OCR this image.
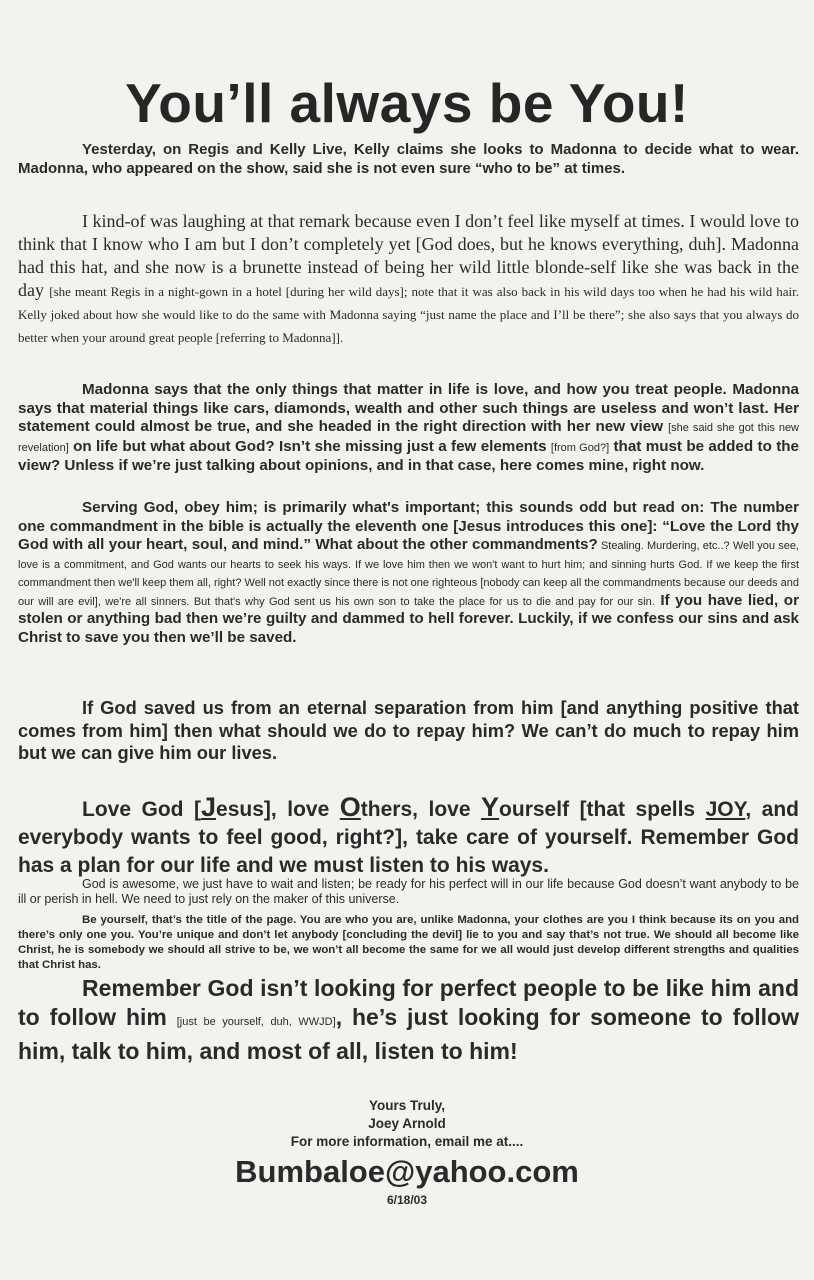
You’ll always be You!
Yesterday, on Regis and Kelly Live, Kelly claims she looks to Madonna to decide what to wear. Madonna, who appeared on the show, said she is not even sure “who to be” at times.
I kind-of was laughing at that remark because even I don’t feel like myself at times. I would love to think that I know who I am but I don’t completely yet [God does, but he knows everything, duh]. Madonna had this hat, and she now is a brunette instead of being her wild little blonde-self like she was back in the day [she meant Regis in a night-gown in a hotel [during her wild days]; note that it was also back in his wild days too when he had his wild hair. Kelly joked about how she would like to do the same with Madonna saying “just name the place and I’ll be there”; she also says that you always do better when your around great people [referring to Madonna]].
Madonna says that the only things that matter in life is love, and how you treat people. Madonna says that material things like cars, diamonds, wealth and other such things are useless and won’t last. Her statement could almost be true, and she headed in the right direction with her new view [she said she got this new revelation] on life but what about God? Isn’t she missing just a few elements [from God?] that must be added to the view? Unless if we’re just talking about opinions, and in that case, here comes mine, right now.
Serving God, obey him; is primarily what's important; this sounds odd but read on: The number one commandment in the bible is actually the eleventh one [Jesus introduces this one]: “Love the Lord thy God with all your heart, soul, and mind.” What about the other commandments? Stealing. Murdering, etc..? Well you see, love is a commitment, and God wants our hearts to seek his ways. If we love him then we won't want to hurt him; and sinning hurts God. If we keep the first commandment then we'll keep them all, right? Well not exactly since there is not one righteous [nobody can keep all the commandments because our deeds and our will are evil], we're all sinners. But that's why God sent us his own son to take the place for us to die and pay for our sin. If you have lied, or stolen or anything bad then we’re guilty and dammed to hell forever. Luckily, if we confess our sins and ask Christ to save you then we’ll be saved.
If God saved us from an eternal separation from him [and anything positive that comes from him] then what should we do to repay him? We can’t do much to repay him but we can give him our lives.
Love God [Jesus], love Others, love Yourself [that spells JOY, and everybody wants to feel good, right?], take care of yourself. Remember God has a plan for our life and we must listen to his ways.
God is awesome, we just have to wait and listen; be ready for his perfect will in our life because God doesn’t want anybody to be ill or perish in hell. We need to just rely on the maker of this universe.
Be yourself, that’s the title of the page. You are who you are, unlike Madonna, your clothes are you I think because its on you and there’s only one you. You’re unique and don’t let anybody [concluding the devil] lie to you and say that’s not true. We should all become like Christ, he is somebody we should all strive to be, we won’t all become the same for we all would just develop different strengths and qualities that Christ has.
Remember God isn’t looking for perfect people to be like him and to follow him [just be yourself, duh, WWJD], he’s just looking for someone to follow him, talk to him, and most of all, listen to him!
Yours Truly,
Joey Arnold
For more information, email me at....
Bumbaloe@yahoo.com
6/18/03
